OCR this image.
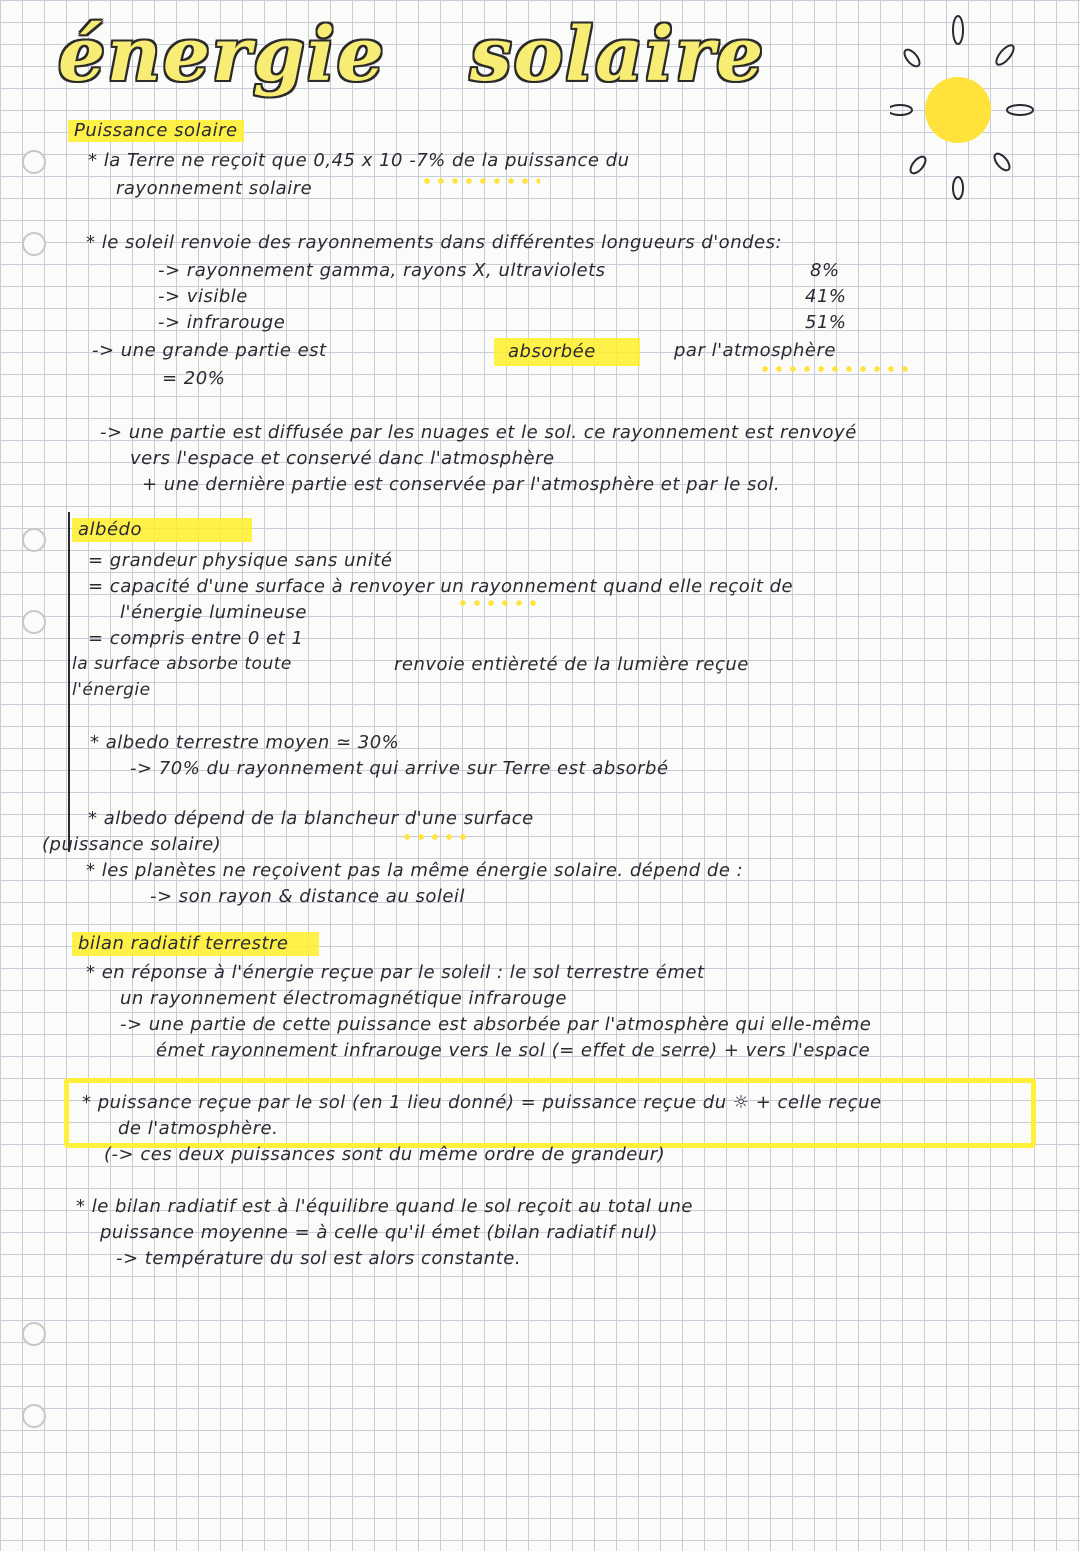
énergie solaire
Puissance solaire
* la Terre ne reçoit que 0,45 x 10 -7% de la puissance du
rayonnement solaire
* le soleil renvoie des rayonnements dans différentes longueurs d'ondes:
-> rayonnement gamma, rayons X, ultraviolets	8%
-> visible	41%
-> infrarouge	51%
-> une grande partie est	absorbée	par l'atmosphère
= 20%
-> une partie est diffusée par les nuages et le sol. ce rayonnement est renvoyé
vers l'espace et conservé danc l'atmosphère
+ une dernière partie est conservée par l'atmosphère et par le sol.
albédo
= grandeur physique sans unité
= capacité d'une surface à renvoyer un rayonnement quand elle reçoit de
l'énergie lumineuse
= compris entre 0 et 1
la surface absorbe toute
l'énergie
renvoie entièreté de la lumière reçue
* albedo terrestre moyen ≃ 30%
-> 70% du rayonnement qui arrive sur Terre est absorbé
* albedo dépend de la blancheur d'une surface
(puissance solaire)
* les planètes ne reçoivent pas la même énergie solaire. dépend de :
-> son rayon & distance au soleil
bilan radiatif terrestre
* en réponse à l'énergie reçue par le soleil : le sol terrestre émet
un rayonnement électromagnétique infrarouge
-> une partie de cette puissance est absorbée par l'atmosphère qui elle-même
émet rayonnement infrarouge vers le sol (= effet de serre) + vers l'espace
* puissance reçue par le sol (en 1 lieu donné) = puissance reçue du ☼ + celle reçue
de l'atmosphère.
(-> ces deux puissances sont du même ordre de grandeur)
* le bilan radiatif est à l'équilibre quand le sol reçoit au total une
puissance moyenne = à celle qu'il émet (bilan radiatif nul)
-> température du sol est alors constante.
